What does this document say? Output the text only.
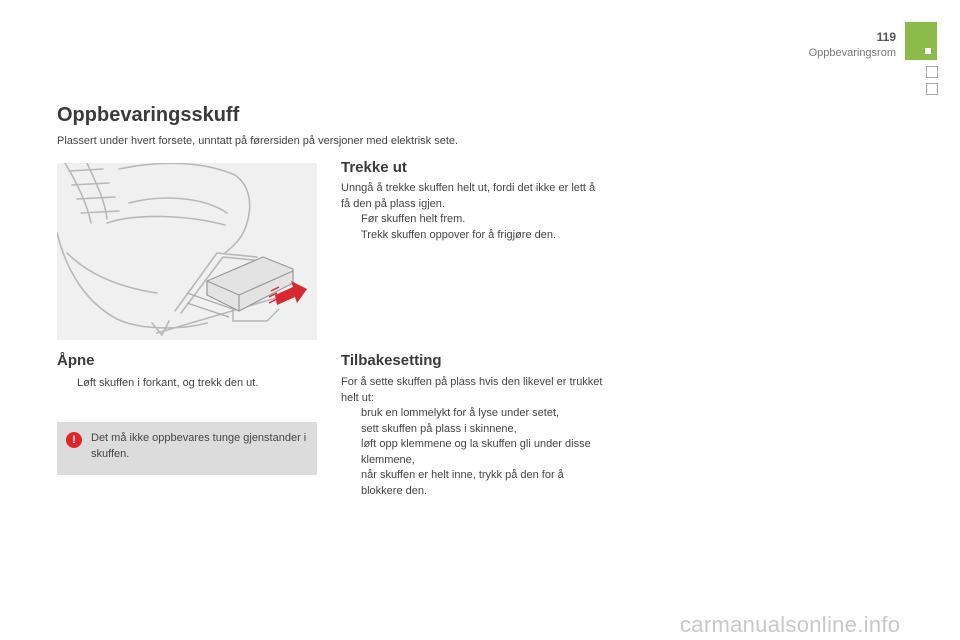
119
Oppbevaringsrom
Oppbevaringsskuff

Plassert under hvert forsete, unntatt på førersiden på versjoner med elektrisk sete.

Åpne
Løft skuffen i forkant, og trekk den ut.
!	Det må ikke oppbevares tunge gjenstander i skuffen.

Trekke ut

Unngå å trekke skuffen helt ut, fordi det ikke er lett å få den på plass igjen.

Før skuffen helt frem.
Trekk skuffen oppover for å frigjøre den.
Tilbakesetting

For å sette skuffen på plass hvis den likevel er trukket helt ut:

bruk en lommelykt for å lyse under setet,
sett skuffen på plass i skinnene,
løft opp klemmene og la skuffen gli under disse klemmene,
når skuffen er helt inne, trykk på den for å blokkere den.
carmanualsonline.info
